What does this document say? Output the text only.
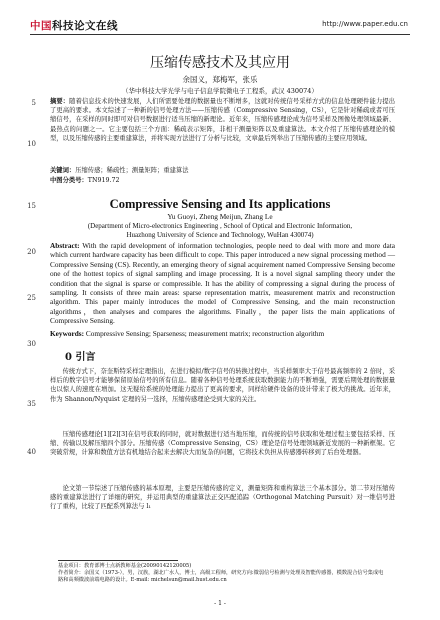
中国科技论文在线	http://www.paper.edu.cn
5
10
15
20
25
30
35
40
压缩传感技术及其应用
余国义，郑梅军，张乐
（华中科技大学光学与电子信息学院微电子工程系，武汉 430074）
摘要：随着信息技术的快速发展，人们所需要处理的数据量也不断增多，这就对传统信号采样方式的信息处理硬件能力提出了更高的要求。本文综述了一种新的信号处理方法——压缩传感（Compressive Sensing，CS），它是针对稀疏或者可压缩信号，在采样的同时即可对信号数据进行适当压缩的新理论。近年来，压缩传感理论成为信号采样及图像处理领域最新、最热点的问题之一。它主要包括三个方面：稀疏表示矩阵，非相干测量矩阵以及重建算法。本文介绍了压缩传感理论的模型，以及压缩传感的主要重建算法，并将实现方法进行了分析与比较，文章最后列举出了压缩传感的主要应用领域。
关键词：压缩传感；稀疏性；测量矩阵；重建算法
中图分类号：TN919.72
Compressive Sensing and Its applications
Yu Guoyi, Zheng Meijun, Zhang Le
(Department of Micro-electronics Engineering , School of Optical and Electronic Information,
Huazhong University of Science and Technology, WuHan 430074)
Abstract: With the rapid development of information technologies, people need to deal with more and more data which current hardware capacity has been difficult to cope. This paper introduced a new signal processing method —Compressive Sensing (CS). Recently, an emerging theory of signal acquirement named Compressive Sensing become one of the hottest topics of signal sampling and image processing. It is a novel signal sampling theory under the condition that the signal is sparse or compressible. It has the ability of compressing a signal during the process of sampling. It consists of three main areas: sparse representation matrix, measurement matrix and reconstruction algorithm. This paper mainly introduces the model of Compressive Sensing, and the main reconstruction algorithms，then analyses and compares the algorithms. Finally，the paper lists the main applications of Compressive Sensing.
Keywords: Compressive Sensing; Sparseness; measurement matrix; reconstruction algorithm
0 引言
传统方式下，奈奎斯特采样定理指出，在进行模拟/数字信号的转换过程中，当采样频率大于信号最高频率的 2 倍时，采样后的数字信号才能够保留原始信号的所有信息。随着各种信号处理系统获取数据能力的不断增强，需要后期处理的数据量也以惊人的速度在增加。这无疑给系统的处理能力提出了更高的要求，同样给硬件设备的设计带来了极大的挑战。近年来，作为 Shannon/Nyquist 定理的另一选择，压缩传感理论受到大家的关注。
压缩传感理论[1][2][3]在信号获取的同时，就对数据进行适当地压缩，而传统的信号获取和处理过程主要包括采样、压缩、传输以及解压缩四个部分。压缩传感（Compressive Sensing，CS）理论是信号处理领域新近发展的一种新框架。它突破常规，计算和数值方法有机地结合起来去解决大而复杂的问题，它将技术负担从传感器转移到了后台处理器。
论文第一节综述了压缩传感的基本原理，主要是压缩传感的定义，测量矩阵和重构算法三个基本部分。第二节对压缩传感的重建算法进行了详细的研究，并运用典型的重建算法正交匹配追踪（Orthogonal Matching Pursuit）对一维信号进行了重构，比较了匹配系列算法与 l₁
基金项目：教育部博士点新教师基金(20090142120005)
作者简介：余国义（1973-），男，汉族，湖北广水人，博士，高级工程师，研究方向:微弱信号检测与处理及智能传感器，模数混合信号集成电路和高频微波前端电路的设计。E-mail: michelsun@mail.hust.edu.cn
- 1 -
